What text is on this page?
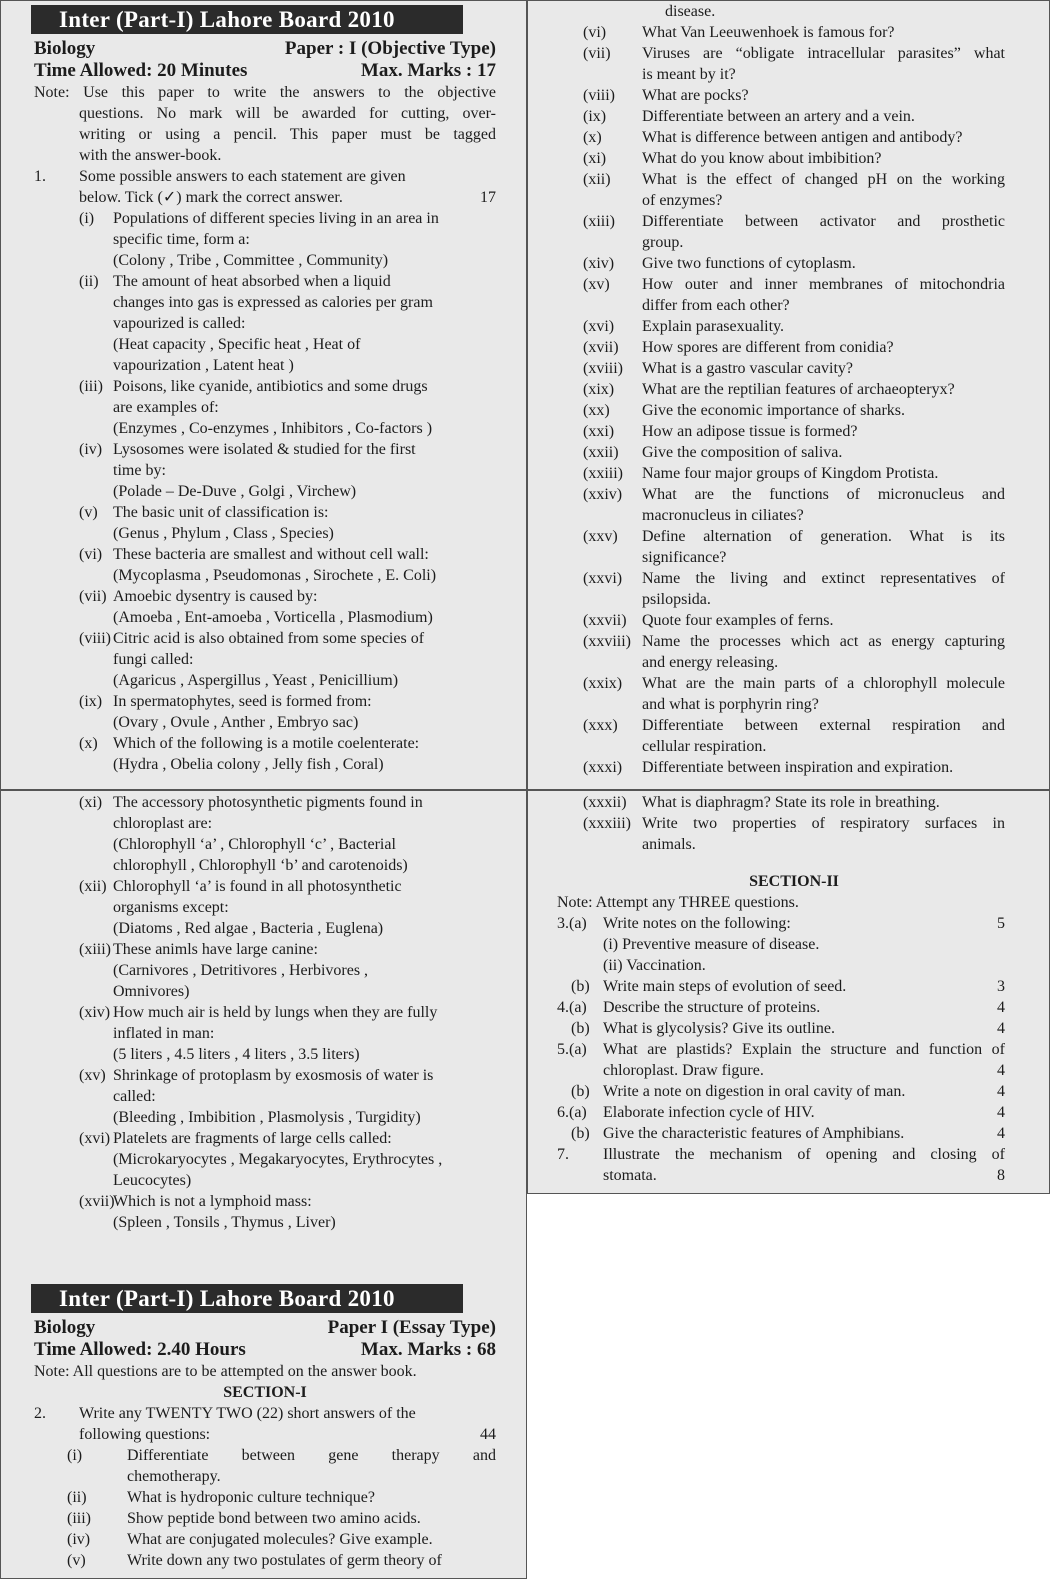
Inter (Part-I) Lahore Board 2010
Biology	Paper : I (Objective Type)
Time Allowed: 20 Minutes	Max. Marks : 17
Note: Use this paper to write the answers to the objective
questions. No mark will be awarded for cutting, over-
writing or using a pencil. This paper must be tagged
with the answer-book.
1. Some possible answers to each statement are given
below. Tick (✓) mark the correct answer.	17
(i) Populations of different species living in an area in
specific time, form a:
(Colony , Tribe , Committee , Community)
(ii) The amount of heat absorbed when a liquid
changes into gas is expressed as calories per gram
vapourized is called:
(Heat capacity , Specific heat , Heat of
vapourization , Latent heat )
(iii) Poisons, like cyanide, antibiotics and some drugs
are examples of:
(Enzymes , Co-enzymes , Inhibitors , Co-factors )
(iv) Lysosomes were isolated & studied for the first
time by:
(Polade – De-Duve , Golgi , Virchew)
(v) The basic unit of classification is:
(Genus , Phylum , Class , Species)
(vi) These bacteria are smallest and without cell wall:
(Mycoplasma , Pseudomonas , Sirochete , E. Coli)
(vii) Amoebic dysentry is caused by:
(Amoeba , Ent-amoeba , Vorticella , Plasmodium)
(viii) Citric acid is also obtained from some species of
fungi called:
(Agaricus , Aspergillus , Yeast , Penicillium)
(ix) In spermatophytes, seed is formed from:
(Ovary , Ovule , Anther , Embryo sac)
(x) Which of the following is a motile coelenterate:
(Hydra , Obelia colony , Jelly fish , Coral)
disease.
(vi)	What Van Leeuwenhoek is famous for?
(vii)	Viruses are “obligate intracellular parasites” what
is meant by it?
(viii)	What are pocks?
(ix)	Differentiate between an artery and a vein.
(x)	What is difference between antigen and antibody?
(xi)	What do you know about imbibition?
(xii)	What is the effect of changed pH on the working
of enzymes?
(xiii)	Differentiate between activator and prosthetic
group.
(xiv)	Give two functions of cytoplasm.
(xv)	How outer and inner membranes of mitochondria
differ from each other?
(xvi)	Explain parasexuality.
(xvii)	How spores are different from conidia?
(xviii)	What is a gastro vascular cavity?
(xix)	What are the reptilian features of archaeopteryx?
(xx)	Give the economic importance of sharks.
(xxi)	How an adipose tissue is formed?
(xxii)	Give the composition of saliva.
(xxiii)	Name four major groups of Kingdom Protista.
(xxiv)	What are the functions of micronucleus and
macronucleus in ciliates?
(xxv)	Define alternation of generation. What is its
significance?
(xxvi)	Name the living and extinct representatives of
psilopsida.
(xxvii) Quote four examples of ferns.
(xxviii) Name the processes which act as energy capturing
and energy releasing.
(xxix)	What are the main parts of a chlorophyll molecule
and what is porphyrin ring?
(xxx)	Differentiate between external respiration and
cellular respiration.
(xxxi)	Differentiate between inspiration and expiration.
(xi) The accessory photosynthetic pigments found in
chloroplast are:
(Chlorophyll ‘a’ , Chlorophyll ‘c’ , Bacterial
chlorophyll , Chlorophyll ‘b’ and carotenoids)
(xii) Chlorophyll ‘a’ is found in all photosynthetic
organisms except:
(Diatoms , Red algae , Bacteria , Euglena)
(xiii) These animls have large canine:
(Carnivores , Detritivores , Herbivores ,
Omnivores)
(xiv) How much air is held by lungs when they are fully
inflated in man:
(5 liters , 4.5 liters , 4 liters , 3.5 liters)
(xv) Shrinkage of protoplasm by exosmosis of water is
called:
(Bleeding , Imbibition , Plasmolysis , Turgidity)
(xvi) Platelets are fragments of large cells called:
(Microkaryocytes , Megakaryocytes, Erythrocytes ,
Leucocytes)
(xvii)Which is not a lymphoid mass:
(Spleen , Tonsils , Thymus , Liver)
Inter (Part-I) Lahore Board 2010
Biology	Paper I (Essay Type)
Time Allowed: 2.40 Hours	Max. Marks : 68
Note: All questions are to be attempted on the answer book.
SECTION-I
2. Write any TWENTY TWO (22) short answers of the
following questions:	44
(i)	Differentiate between gene therapy and
chemotherapy.
(ii)	What is hydroponic culture technique?
(iii)	Show peptide bond between two amino acids.
(iv)	What are conjugated molecules? Give example.
(v)	Write down any two postulates of germ theory of
(xxxii) What is diaphragm? State its role in breathing.
(xxxiii) Write two properties of respiratory surfaces in
animals.
SECTION-II
Note: Attempt any THREE questions.
3.(a)	Write notes on the following:	5
(i) Preventive measure of disease.
(ii) Vaccination.
(b) Write main steps of evolution of seed.	3
4.(a)	Describe the structure of proteins.	4
(b) What is glycolysis? Give its outline.	4
5.(a)	What are plastids? Explain the structure and function of
chloroplast. Draw figure.	4
(b) Write a note on digestion in oral cavity of man.	4
6.(a)	Elaborate infection cycle of HIV.	4
(b) Give the characteristic features of Amphibians.	4
7.	Illustrate the mechanism of opening and closing of
stomata.	8
